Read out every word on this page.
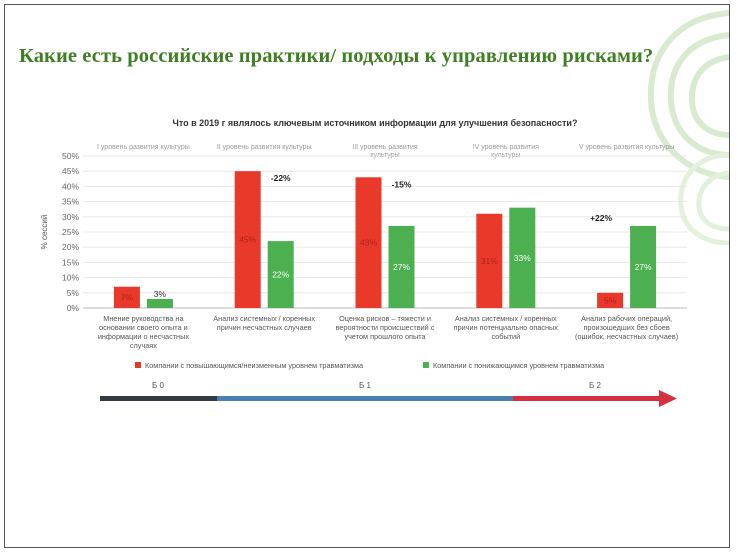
Какие есть российские практики/ подходы к управлению рисками?
Что в 2019 г являлось ключевым источником информации для улучшения безопасности?
I уровень развития культуры	II уровень развития культуры	III уровень развития культуры
IV уровень развития культуры
V уровень развития культуры
0%
5%
10%
15%
20%
25%
30%
35%
40%
45%
50%
% сессий
7% 3%
Мнение руководства на
основании своего опыта и
информации о несчастных
случаях
45%
22%
-22%
Анализ системных / коренных
причин несчастных случаев
43%
27%
-15%
Оценка рисков – тяжести и
вероятности происшествий с
учетом прошлого опыта
31% 33%
Анализ системных / коренных
причин потенциально опасных
событий
5%
27%
+22%
Анализ рабочих операций,
произошедших без сбоев
(ошибок, несчастных случаев)
Компании с повышающимся/неизменным уровнем травматизма	Компании с понижающимся уровнем травматизма
Б 0	Б 1	Б 2
